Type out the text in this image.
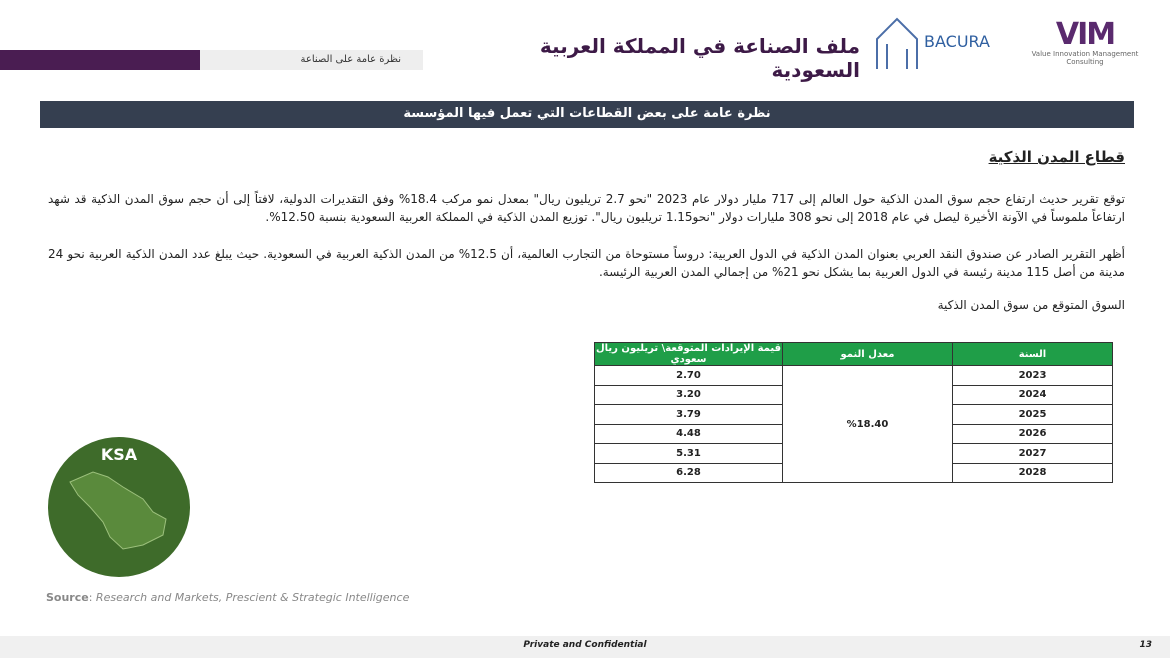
نظرة عامة على الصناعة
ملف الصناعة في المملكة العربية السعودية
BACURA	VIM
Value Innovation Management Consulting
نظرة عامة على بعض القطاعات التي تعمل فيها المؤسسة
قطاع المدن الذكية
توقع تقرير حديث ارتفاع حجم سوق المدن الذكية حول العالم إلى 717 مليار دولار عام 2023 "نحو 2.7 تريليون ريال" بمعدل نمو مركب 18.4% وفق التقديرات الدولية، لافتاً إلى أن حجم سوق المدن الذكية قد شهد ارتفاعاً ملموساً في الآونة الأخيرة ليصل في عام 2018 إلى نحو 308 مليارات دولار "نحو1.15 تريليون ريال". توزيع المدن الذكية في المملكة العربية السعودية بنسبة 12.50%.
أظهر التقرير الصادر عن صندوق النقد العربي بعنوان المدن الذكية في الدول العربية: دروساً مستوحاة من التجارب العالمية، أن 12.5% من المدن الذكية العربية في السعودية. حيث يبلغ عدد المدن الذكية العربية نحو 24 مدينة من أصل 115 مدينة رئيسة في الدول العربية بما يشكل نحو 21% من إجمالي المدن العربية الرئيسة.
السوق المتوقع من سوق المدن الذكية
السنة	معدل النمو	قيمة الإيرادات المتوقعة\ تريليون ريال سعودي
2023	%18.40	2.70
2024		3.20
2025		3.79
2026		4.48
2027		5.31
2028		6.28
KSA
Source: Research and Markets, Prescient & Strategic Intelligence
Private and Confidential	13
